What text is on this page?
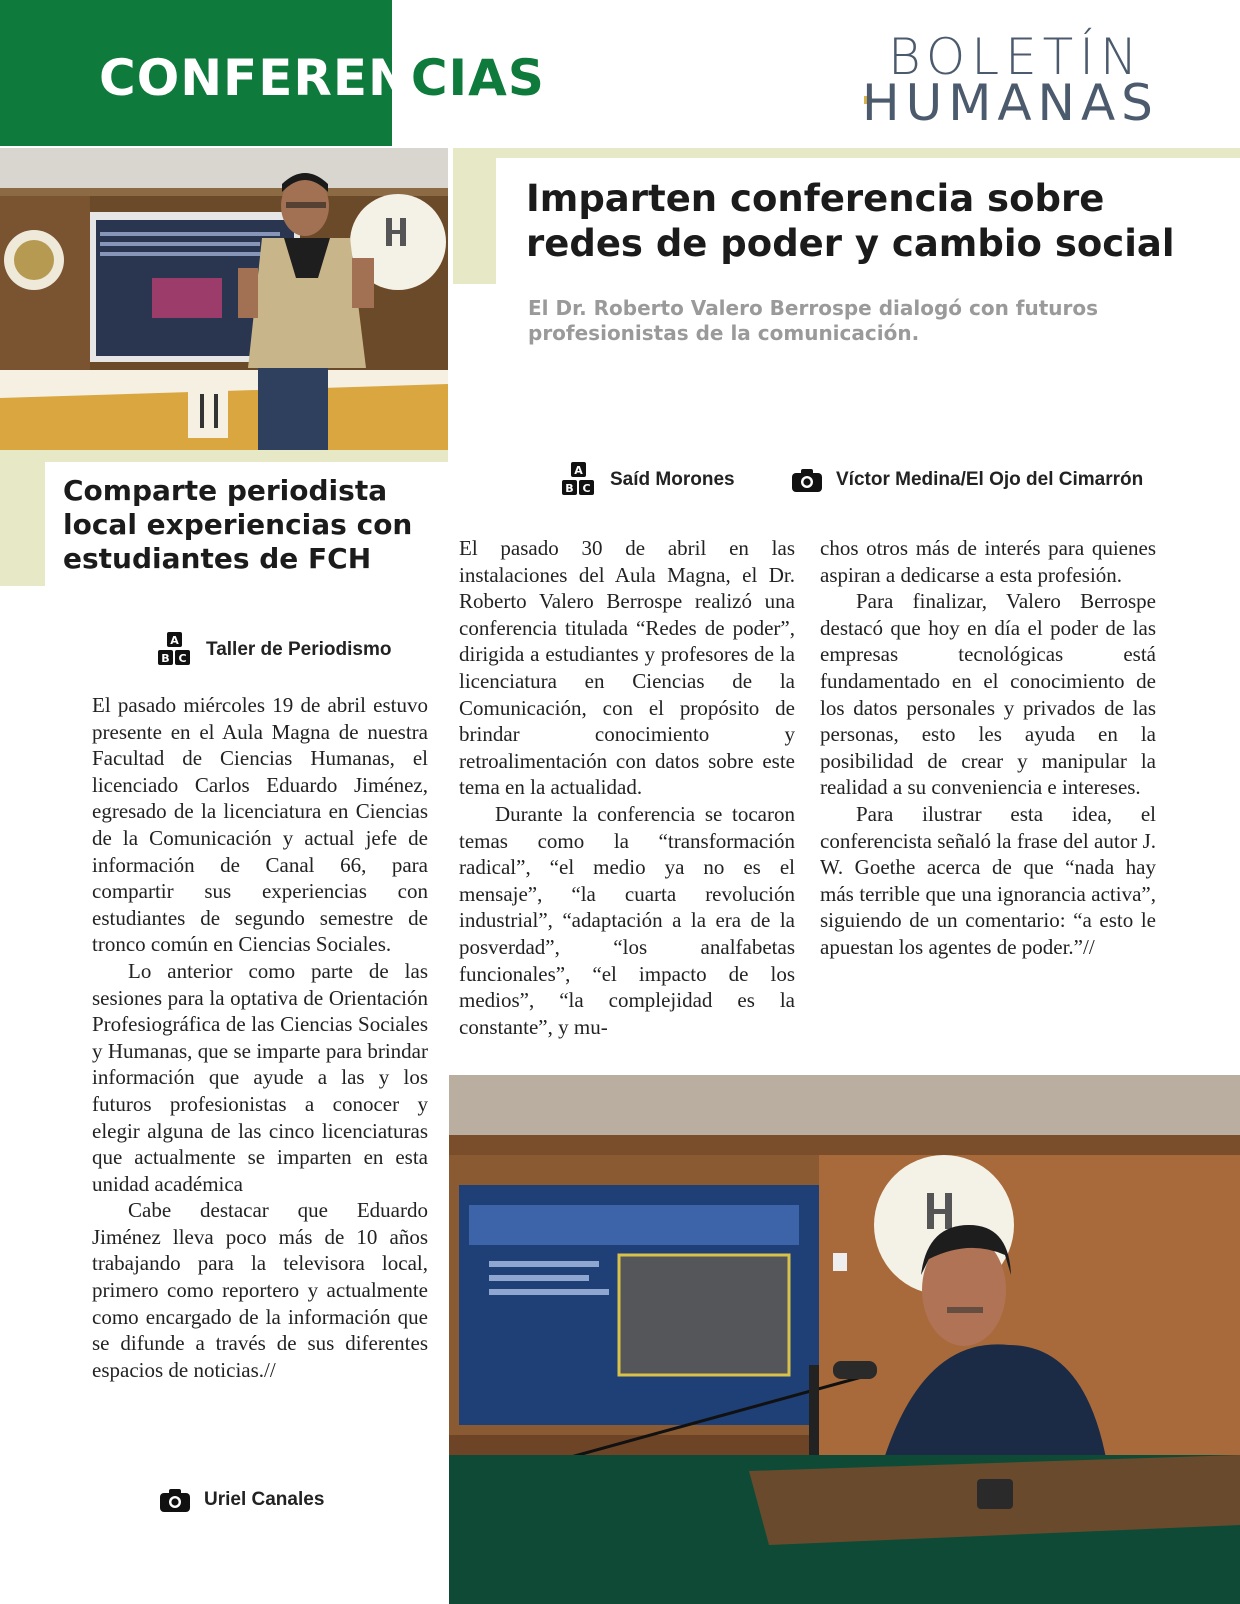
CONFERENCIAS	BOLETÍN
HUMANAS
Imparten conferencia sobre redes de poder y cambio social

El Dr. Roberto Valero Berrospe dialogó con futuros profesionistas de la comunicación.

A
B C Saíd Morones	Víctor Medina/El Ojo del Cimarrón
Comparte periodista local experiencias con estudiantes de FCH
A
B C Taller de Periodismo

El pasado miércoles 19 de abril estuvo presente en el Aula Magna de nuestra Facultad de Ciencias Humanas, el licenciado Carlos Eduardo Jiménez, egresado de la licenciatura en Ciencias de la Comunicación y actual jefe de información de Canal 66, para compartir sus experiencias con estudiantes de segundo semestre de tronco común en Ciencias Sociales.

Lo anterior como parte de las sesiones para la optativa de Orientación Profesiográfica de las Ciencias Sociales y Humanas, que se imparte para brindar información que ayude a las y los futuros profesionistas a conocer y elegir alguna de las cinco licenciaturas que actualmente se imparten en esta unidad académica

Cabe destacar que Eduardo Jiménez lleva poco más de 10 años trabajando para la televisora local, primero como reportero y actualmente como encargado de la información que se difunde a través de sus diferentes espacios de noticias.//

Uriel Canales

El pasado 30 de abril en las instalaciones del Aula Magna, el Dr. Roberto Valero Berrospe realizó una conferencia titulada “Redes de poder”, dirigida a estudiantes y profesores de la licenciatura en Ciencias de la Comunicación, con el propósito de brindar conocimiento y retroalimentación con datos sobre este tema en la actualidad.

Durante la conferencia se tocaron temas como la “transformación radical”, “el medio ya no es el mensaje”, “la cuarta revolución industrial”, “adaptación a la era de la posverdad”, “los analfabetas funcionales”, “el impacto de los medios”, “la complejidad es la constante”, y mu-

chos otros más de interés para quienes aspiran a dedicarse a esta profesión.

Para finalizar, Valero Berrospe destacó que hoy en día el poder de las empresas tecnológicas está fundamentado en el conocimiento de los datos personales y privados de las personas, esto les ayuda en la posibilidad de crear y manipular la realidad a su conveniencia e intereses.

Para ilustrar esta idea, el conferencista señaló la frase del autor J. W. Goethe acerca de que “nada hay más terrible que una ignorancia activa”, siguiendo de un comentario: “a esto le apuestan los agentes de poder.”//
